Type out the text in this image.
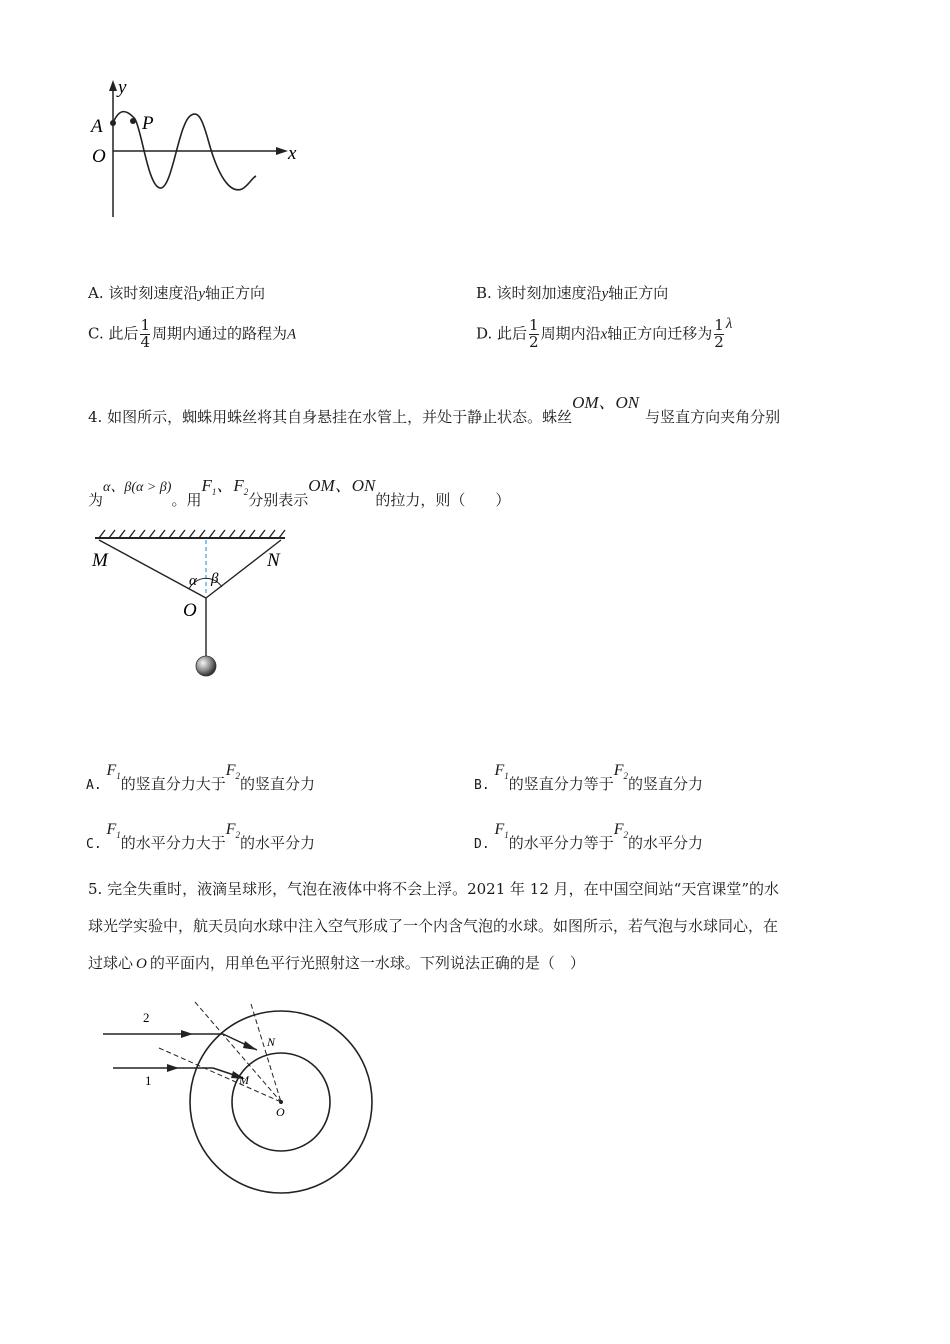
y
x
A P
O
A. 该时刻速度沿y轴正方向	B. 该时刻加速度沿y轴正方向
C. 此后 $\frac{1}{4}$ 周期内通过的路程为A	D. 此后 $\frac{1}{2}$ 周期内沿x轴正方向迁移为 $\frac{1}{2}$ λ
4. 如图所示，蜘蛛用蛛丝将其自身悬挂在水管上，并处于静止状态。蛛丝OM、ON与竖直方向夹角分别
为α、β(α > β)。用$F_1$、$F_2$分别表示OM、ON的拉力，则（　　）
M	N
O
α β
A. $F_1$的竖直分力大于$F_2$的竖直分力	B. $F_1$的竖直分力等于$F_2$的竖直分力
C. $F_1$的水平分力大于$F_2$的水平分力	D. $F_1$的水平分力等于$F_2$的水平分力
5. 完全失重时，液滴呈球形，气泡在液体中将不会上浮。2021 年 12 月，在中国空间站“天宫课堂”的水
球光学实验中，航天员向水球中注入空气形成了一个内含气泡的水球。如图所示，若气泡与水球同心，在
过球心 O 的平面内，用单色平行光照射这一水球。下列说法正确的是（　）
2
1
N
M
O
